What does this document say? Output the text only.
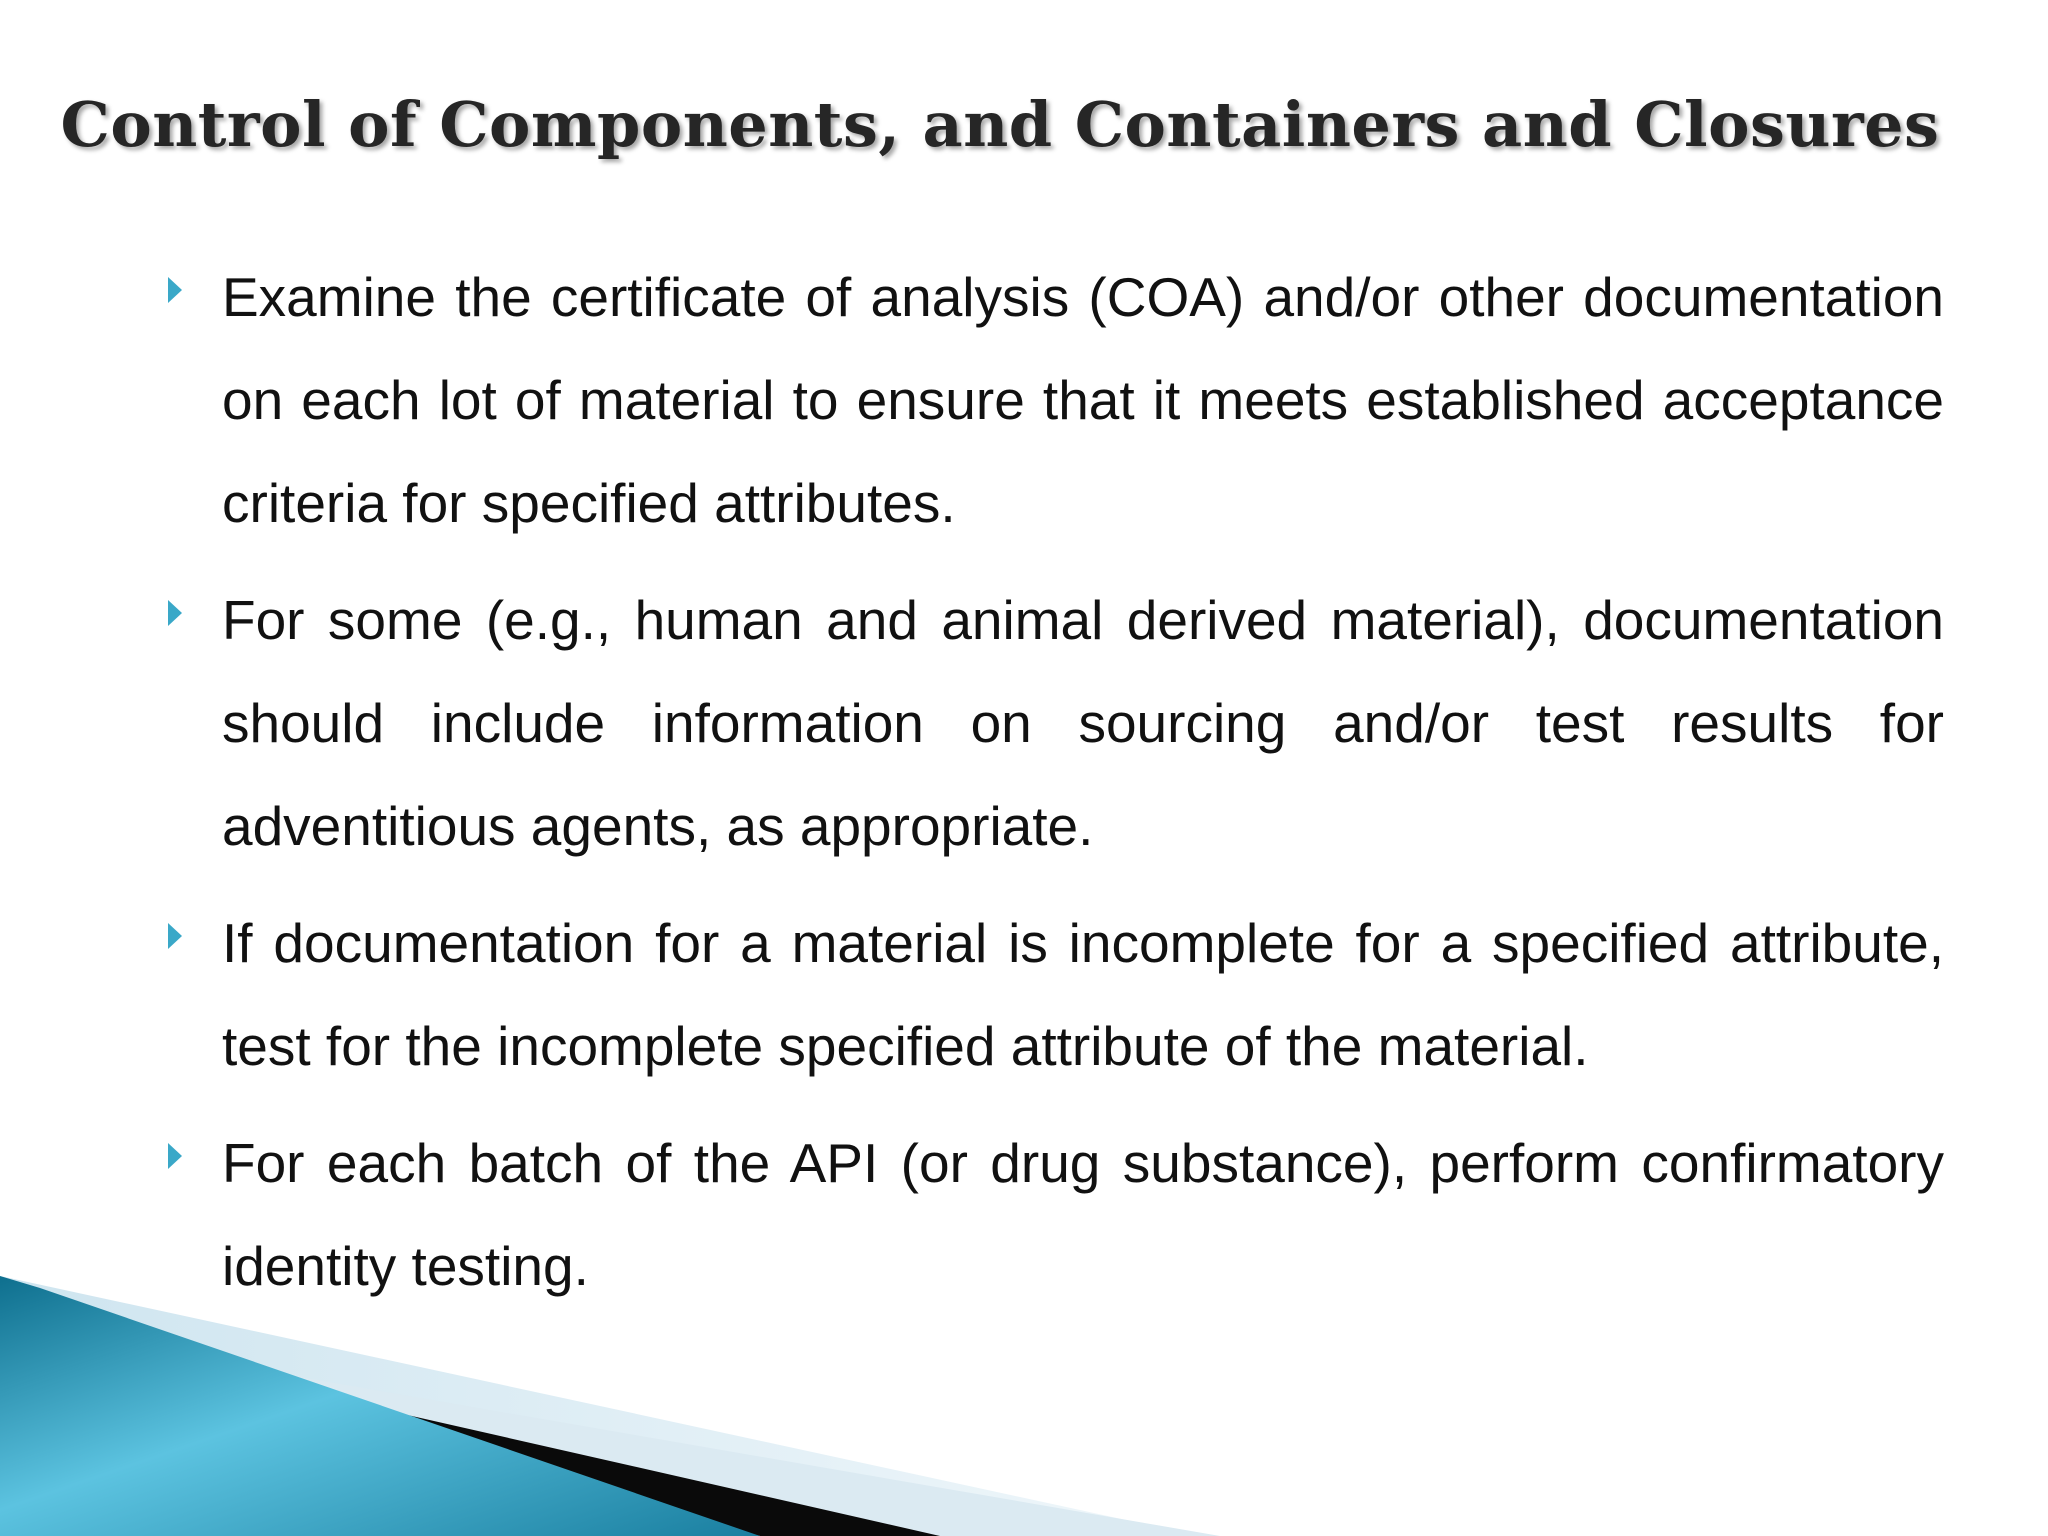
Control of Components, and Containers and Closures
Examine the certificate of analysis (COA) and/or other documentation on each lot of material to ensure that it meets established acceptance criteria for specified attributes.
For some (e.g., human and animal derived material), documentation should include information on sourcing and/or test results for adventitious agents, as appropriate.
If documentation for a material is incomplete for a specified attribute, test for the incomplete specified attribute of the material.
For each batch of the API (or drug substance), perform confirmatory identity testing.
